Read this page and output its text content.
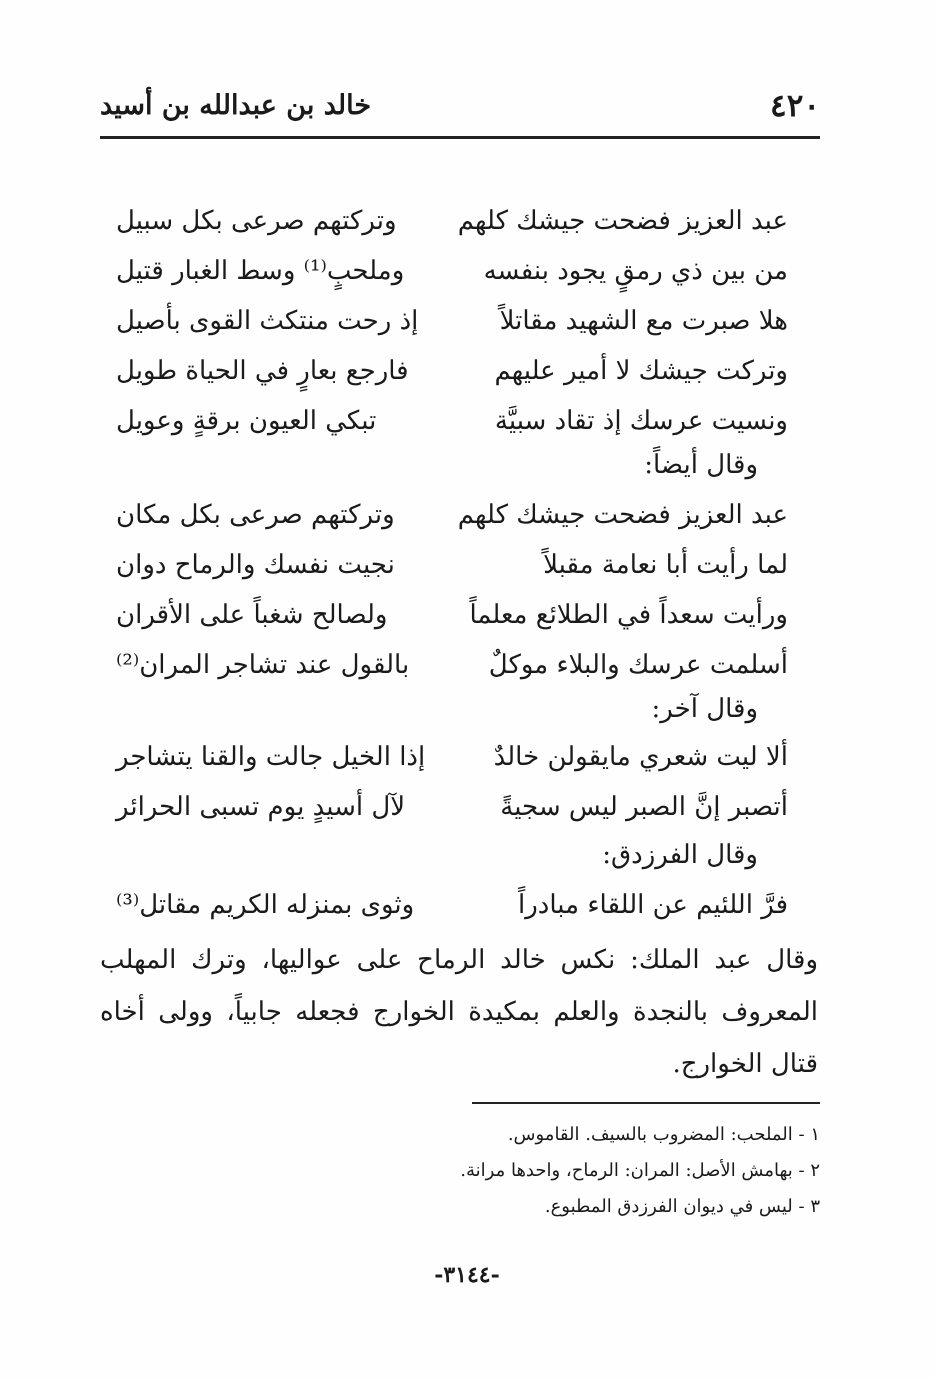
٤٢٠
خالد بن عبدالله بن أسيد
عبد العزيز فضحت جيشك كلهم
وتركتهم صرعى بكل سبيل
من بين ذي رمقٍ يجود بنفسه
وملحبٍ⁽¹⁾ وسط الغبار قتيل
هلا صبرت مع الشهيد مقاتلاً
إذ رحت منتكث القوى بأصيل
وتركت جيشك لا أمير عليهم
فارجع بعارٍ في الحياة طويل
ونسيت عرسك إذ تقاد سبيَّة
تبكي العيون برقةٍ وعويل
وقال أيضاً:
عبد العزيز فضحت جيشك كلهم
وتركتهم صرعى بكل مكان
لما رأيت أبا نعامة مقبلاً
نجيت نفسك والرماح دوان
ورأيت سعداً في الطلائع معلماً
ولصالح شغباً على الأقران
أسلمت عرسك والبلاء موكلٌ
بالقول عند تشاجر المران⁽²⁾
وقال آخر:
ألا ليت شعري مايقولن خالدٌ
إذا الخيل جالت والقنا يتشاجر
أتصبر إنَّ الصبر ليس سجيةً
لآل أسيدٍ يوم تسبى الحرائر
وقال الفرزدق:
فرَّ اللئيم عن اللقاء مبادراً
وثوى بمنزله الكريم مقاتل⁽³⁾
وقال عبد الملك: نكس خالد الرماح على عواليها، وترك المهلب المعروف بالنجدة والعلم بمكيدة الخوارج فجعله جابياً، وولى أخاه قتال الخوارج.
١ - الملحب: المضروب بالسيف. القاموس.
٢ - بهامش الأصل: المران: الرماح، واحدها مرانة.
٣ - ليس في ديوان الفرزدق المطبوع.
-٣١٤٤-
